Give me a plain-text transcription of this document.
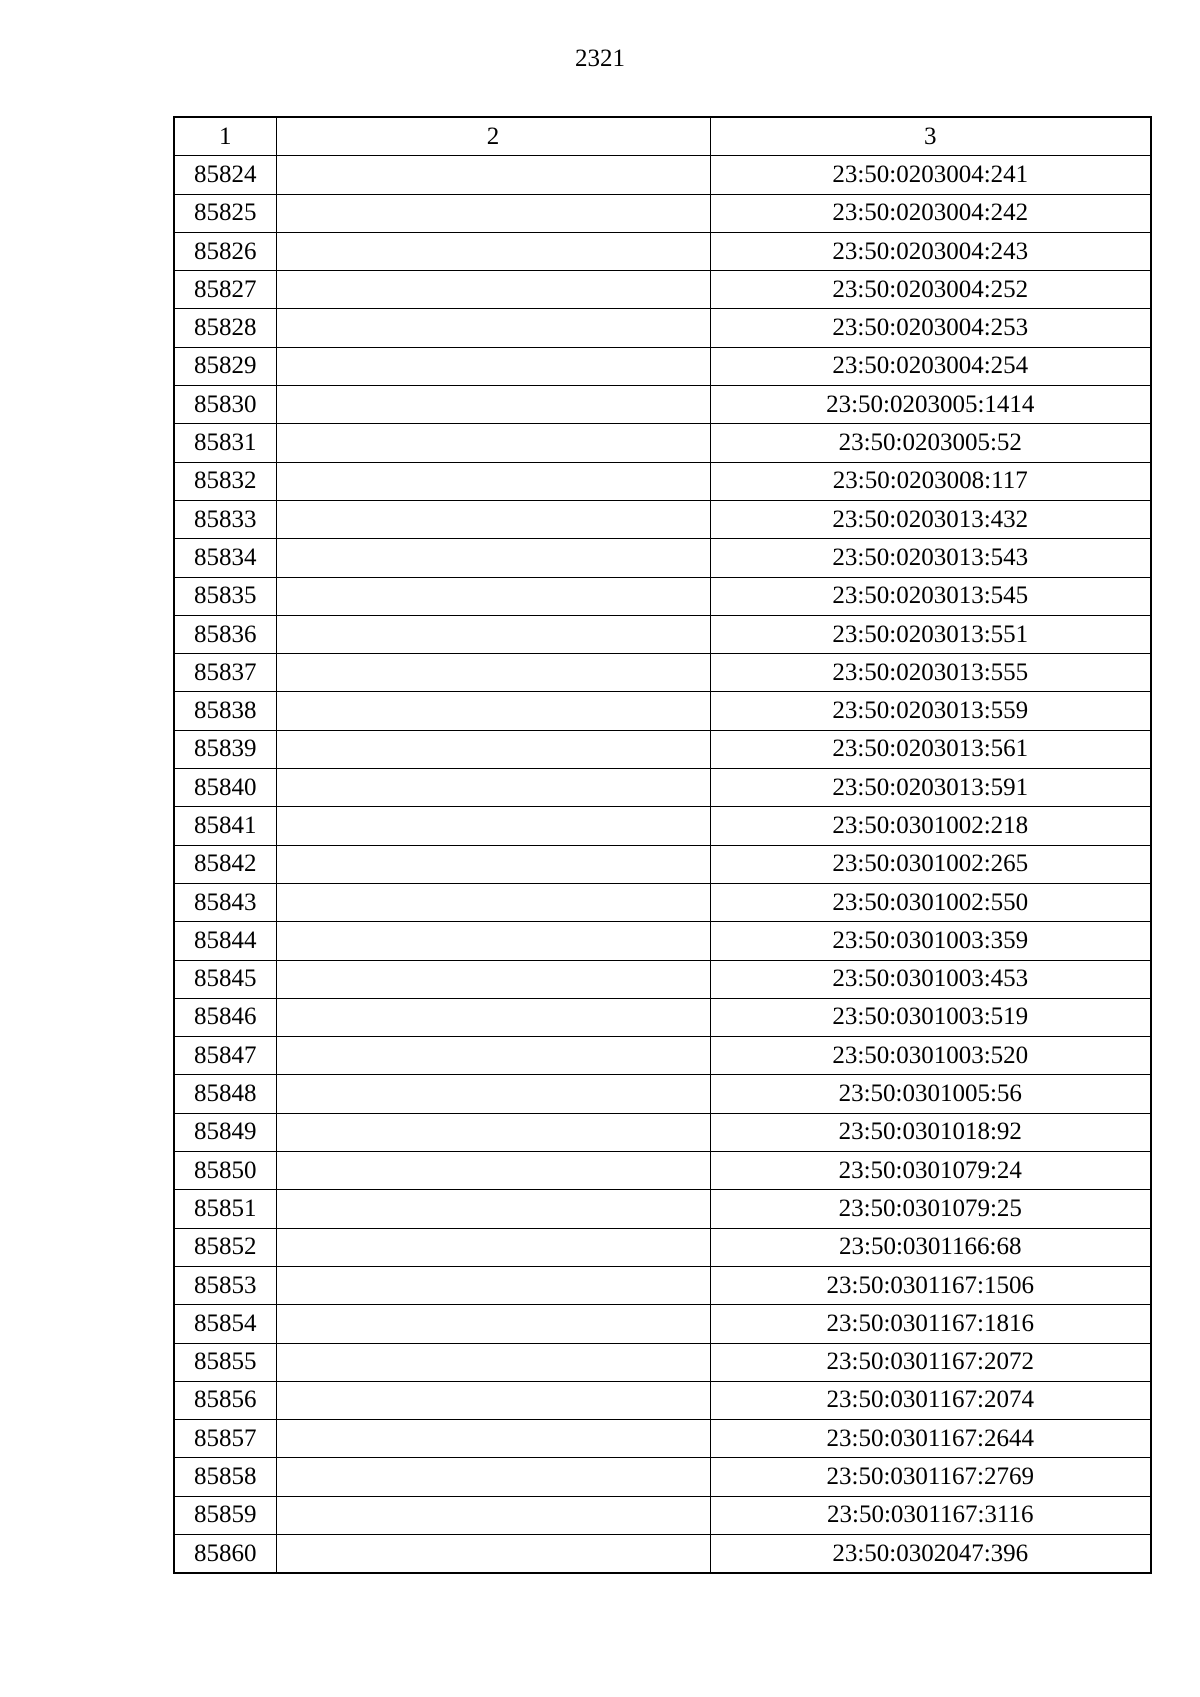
2321
1	2	3
85824		23:50:0203004:241
85825		23:50:0203004:242
85826		23:50:0203004:243
85827		23:50:0203004:252
85828		23:50:0203004:253
85829		23:50:0203004:254
85830		23:50:0203005:1414
85831		23:50:0203005:52
85832		23:50:0203008:117
85833		23:50:0203013:432
85834		23:50:0203013:543
85835		23:50:0203013:545
85836		23:50:0203013:551
85837		23:50:0203013:555
85838		23:50:0203013:559
85839		23:50:0203013:561
85840		23:50:0203013:591
85841		23:50:0301002:218
85842		23:50:0301002:265
85843		23:50:0301002:550
85844		23:50:0301003:359
85845		23:50:0301003:453
85846		23:50:0301003:519
85847		23:50:0301003:520
85848		23:50:0301005:56
85849		23:50:0301018:92
85850		23:50:0301079:24
85851		23:50:0301079:25
85852		23:50:0301166:68
85853		23:50:0301167:1506
85854		23:50:0301167:1816
85855		23:50:0301167:2072
85856		23:50:0301167:2074
85857		23:50:0301167:2644
85858		23:50:0301167:2769
85859		23:50:0301167:3116
85860		23:50:0302047:396
